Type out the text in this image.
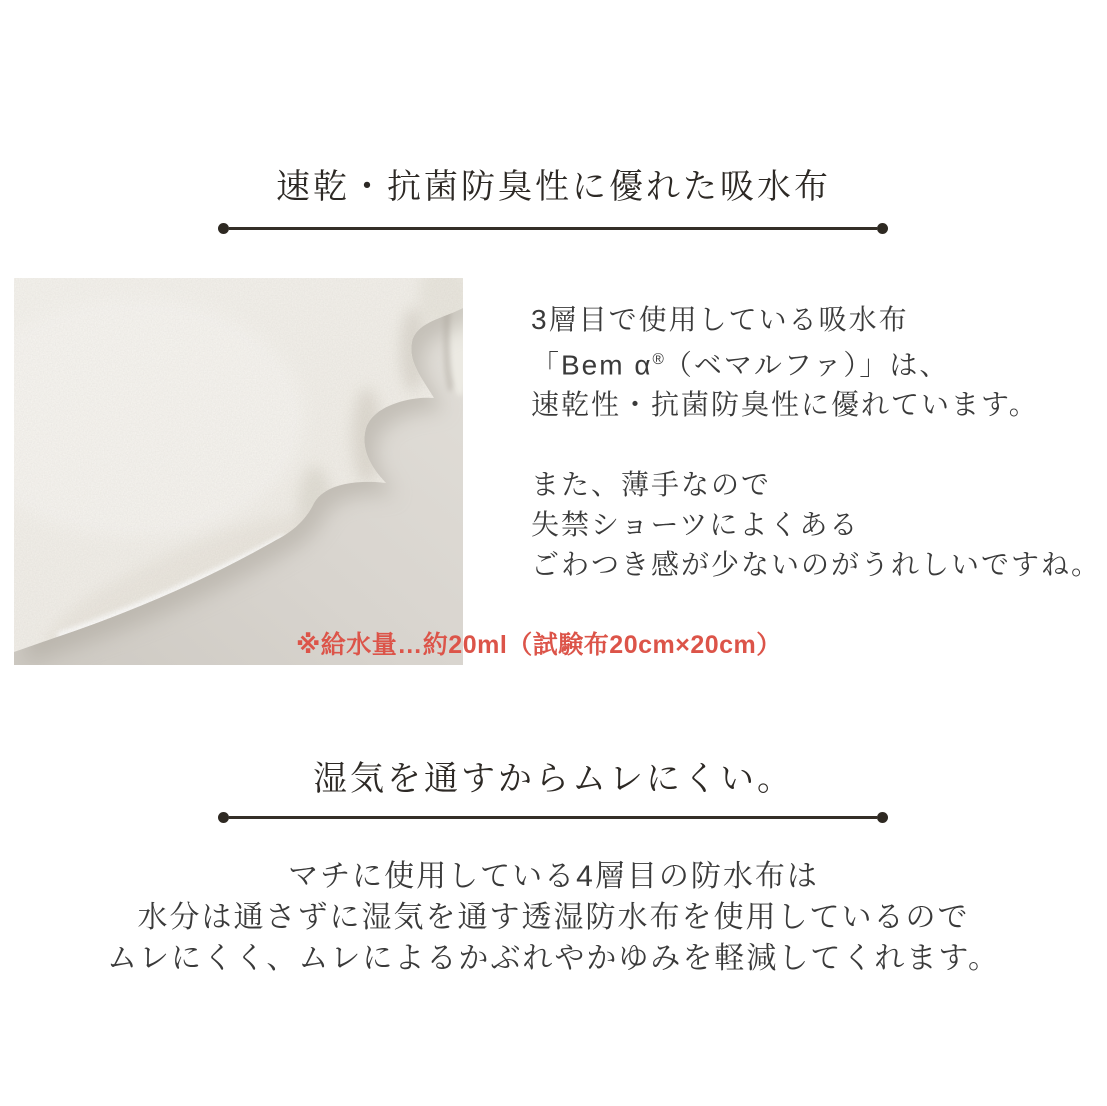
速乾・抗菌防臭性に優れた吸水布

3層目で使用している吸水布

「Bem α®（ベマルファ）」は、

速乾性・抗菌防臭性に優れています。

また、薄手なので

失禁ショーツによくある

ごわつき感が少ないのがうれしいですね。

※給水量…約20ml（試験布20cm×20cm）
湿気を通すからムレにくい。

マチに使用している4層目の防水布は

水分は通さずに湿気を通す透湿防水布を使用しているので

ムレにくく、ムレによるかぶれやかゆみを軽減してくれます。
